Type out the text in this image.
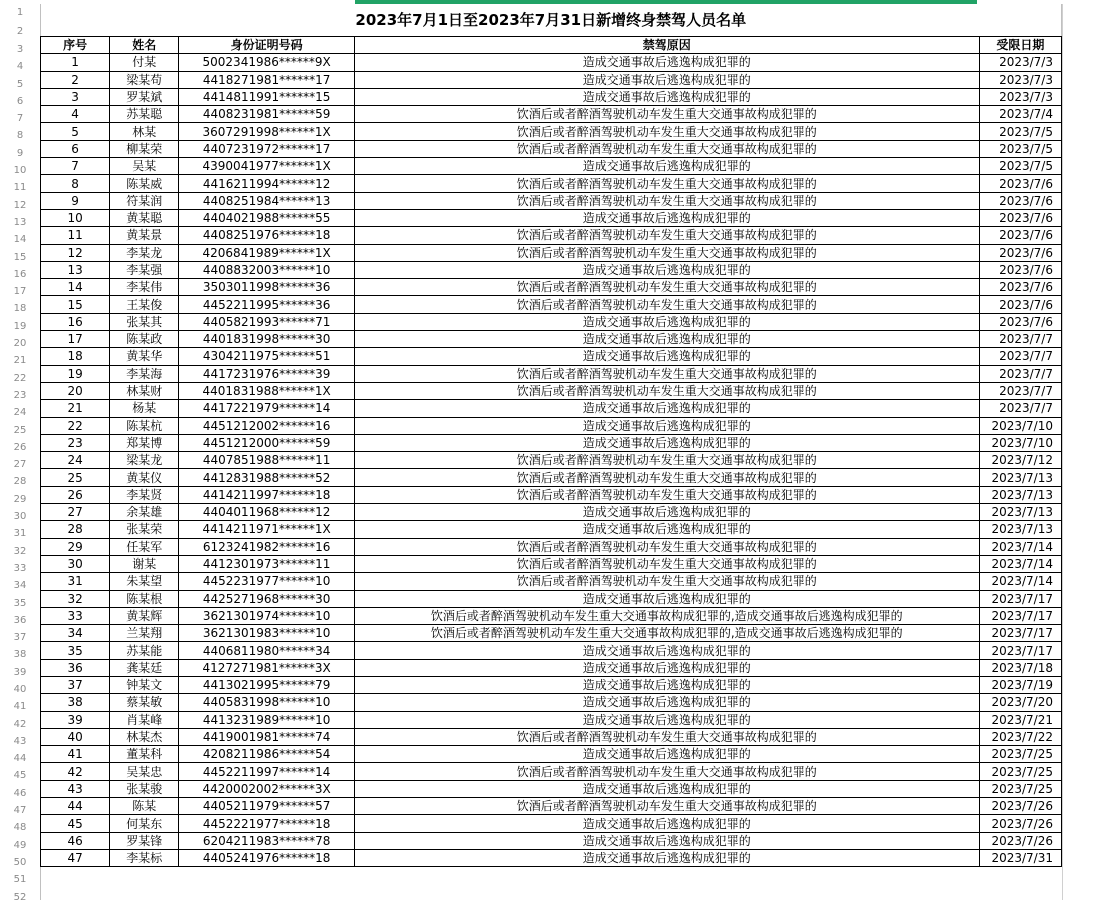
1
2
3
4
5
6
7
8
9
10
11
12
13
14
15
16
17
18
19
20
21
22
23
24
25
26
27
28
29
30
31
32
33
34
35
36
37
38
39
40
41
42
43
44
45
46
47
48
49
50
51
52
2023年7月1日至2023年7月31日新增终身禁驾人员名单				
序号	姓名	身份证明号码	禁驾原因	受限日期
1	付某	5002341986******9X	造成交通事故后逃逸构成犯罪的	2023/7/3
2	梁某苟	4418271981******17	造成交通事故后逃逸构成犯罪的	2023/7/3
3	罗某斌	4414811991******15	造成交通事故后逃逸构成犯罪的	2023/7/3
4	苏某聪	4408231981******59	饮酒后或者醉酒驾驶机动车发生重大交通事故构成犯罪的	2023/7/4
5	林某	3607291998******1X	饮酒后或者醉酒驾驶机动车发生重大交通事故构成犯罪的	2023/7/5
6	柳某荣	4407231972******17	饮酒后或者醉酒驾驶机动车发生重大交通事故构成犯罪的	2023/7/5
7	吴某	4390041977******1X	造成交通事故后逃逸构成犯罪的	2023/7/5
8	陈某威	4416211994******12	饮酒后或者醉酒驾驶机动车发生重大交通事故构成犯罪的	2023/7/6
9	符某润	4408251984******13	饮酒后或者醉酒驾驶机动车发生重大交通事故构成犯罪的	2023/7/6
10	黄某聪	4404021988******55	造成交通事故后逃逸构成犯罪的	2023/7/6
11	黄某景	4408251976******18	饮酒后或者醉酒驾驶机动车发生重大交通事故构成犯罪的	2023/7/6
12	李某龙	4206841989******1X	饮酒后或者醉酒驾驶机动车发生重大交通事故构成犯罪的	2023/7/6
13	李某强	4408832003******10	造成交通事故后逃逸构成犯罪的	2023/7/6
14	李某伟	3503011998******36	饮酒后或者醉酒驾驶机动车发生重大交通事故构成犯罪的	2023/7/6
15	王某俊	4452211995******36	饮酒后或者醉酒驾驶机动车发生重大交通事故构成犯罪的	2023/7/6
16	张某其	4405821993******71	造成交通事故后逃逸构成犯罪的	2023/7/6
17	陈某政	4401831998******30	造成交通事故后逃逸构成犯罪的	2023/7/7
18	黄某华	4304211975******51	造成交通事故后逃逸构成犯罪的	2023/7/7
19	李某海	4417231976******39	饮酒后或者醉酒驾驶机动车发生重大交通事故构成犯罪的	2023/7/7
20	林某财	4401831988******1X	饮酒后或者醉酒驾驶机动车发生重大交通事故构成犯罪的	2023/7/7
21	杨某	4417221979******14	造成交通事故后逃逸构成犯罪的	2023/7/7
22	陈某杭	4451212002******16	造成交通事故后逃逸构成犯罪的	2023/7/10
23	郑某博	4451212000******59	造成交通事故后逃逸构成犯罪的	2023/7/10
24	梁某龙	4407851988******11	饮酒后或者醉酒驾驶机动车发生重大交通事故构成犯罪的	2023/7/12
25	黄某仪	4412831988******52	饮酒后或者醉酒驾驶机动车发生重大交通事故构成犯罪的	2023/7/13
26	李某贤	4414211997******18	饮酒后或者醉酒驾驶机动车发生重大交通事故构成犯罪的	2023/7/13
27	余某雄	4404011968******12	造成交通事故后逃逸构成犯罪的	2023/7/13
28	张某荣	4414211971******1X	造成交通事故后逃逸构成犯罪的	2023/7/13
29	任某军	6123241982******16	饮酒后或者醉酒驾驶机动车发生重大交通事故构成犯罪的	2023/7/14
30	谢某	4412301973******11	饮酒后或者醉酒驾驶机动车发生重大交通事故构成犯罪的	2023/7/14
31	朱某望	4452231977******10	饮酒后或者醉酒驾驶机动车发生重大交通事故构成犯罪的	2023/7/14
32	陈某根	4425271968******30	造成交通事故后逃逸构成犯罪的	2023/7/17
33	黄某辉	3621301974******10	饮酒后或者醉酒驾驶机动车发生重大交通事故构成犯罪的,造成交通事故后逃逸构成犯罪的	2023/7/17
34	兰某翔	3621301983******10	饮酒后或者醉酒驾驶机动车发生重大交通事故构成犯罪的,造成交通事故后逃逸构成犯罪的	2023/7/17
35	苏某能	4406811980******34	造成交通事故后逃逸构成犯罪的	2023/7/17
36	龚某廷	4127271981******3X	造成交通事故后逃逸构成犯罪的	2023/7/18
37	钟某文	4413021995******79	造成交通事故后逃逸构成犯罪的	2023/7/19
38	蔡某敏	4405831998******10	造成交通事故后逃逸构成犯罪的	2023/7/20
39	肖某峰	4413231989******10	造成交通事故后逃逸构成犯罪的	2023/7/21
40	林某杰	4419001981******74	饮酒后或者醉酒驾驶机动车发生重大交通事故构成犯罪的	2023/7/22
41	董某科	4208211986******54	造成交通事故后逃逸构成犯罪的	2023/7/25
42	吴某忠	4452211997******14	饮酒后或者醉酒驾驶机动车发生重大交通事故构成犯罪的	2023/7/25
43	张某骏	4420002002******3X	造成交通事故后逃逸构成犯罪的	2023/7/25
44	陈某	4405211979******57	饮酒后或者醉酒驾驶机动车发生重大交通事故构成犯罪的	2023/7/26
45	何某东	4452221977******18	造成交通事故后逃逸构成犯罪的	2023/7/26
46	罗某锋	6204211983******78	造成交通事故后逃逸构成犯罪的	2023/7/26
47	李某标	4405241976******18	造成交通事故后逃逸构成犯罪的	2023/7/31
